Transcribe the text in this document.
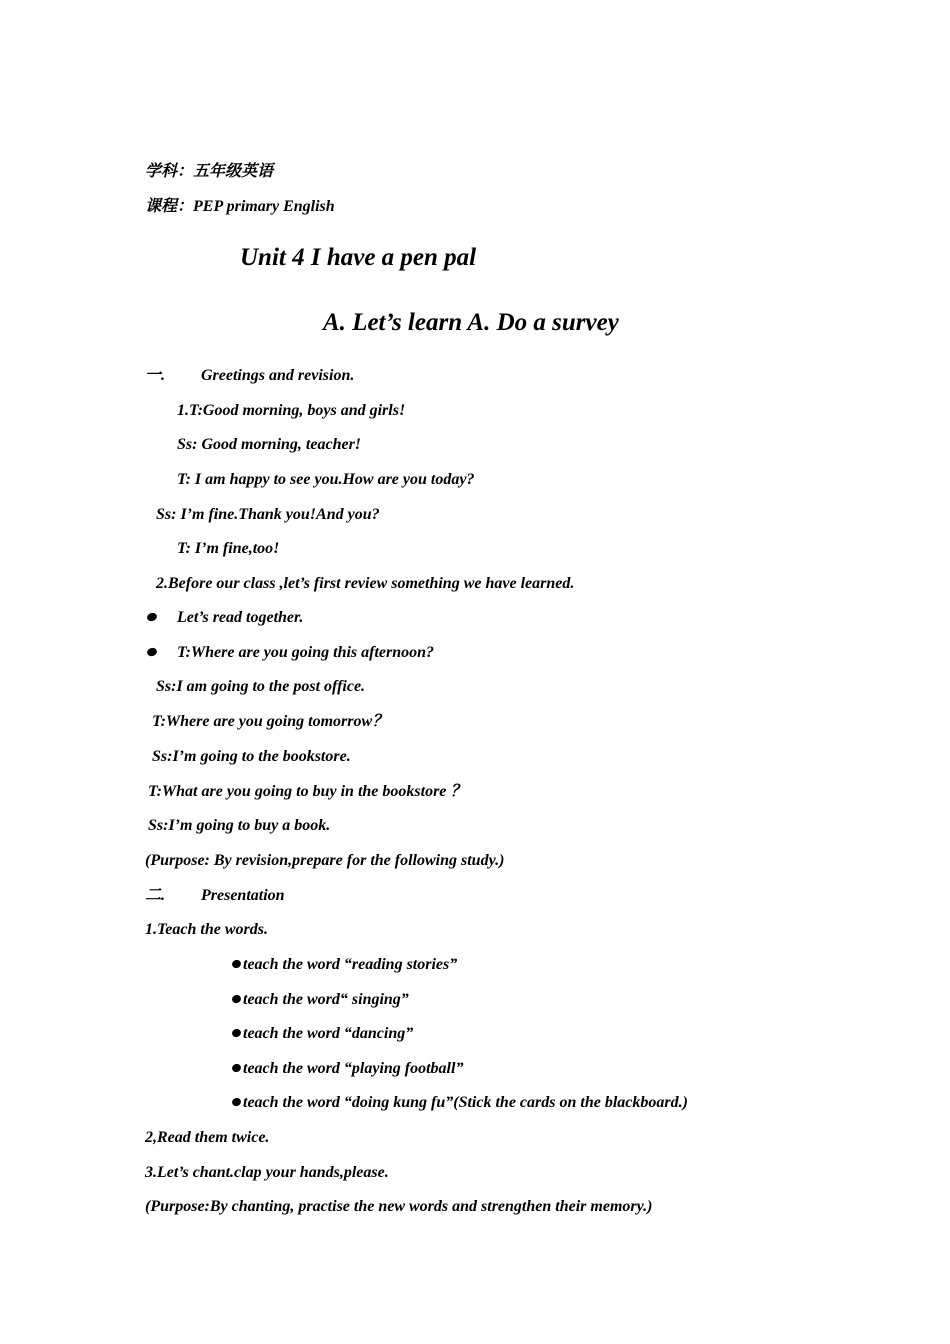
学科：五年级英语
课程：PEP primary English
Unit 4 I have a pen pal
A. Let’s learn A. Do a survey
一. Greetings and revision.
1.T:Good morning, boys and girls!
Ss: Good morning, teacher!
T: I am happy to see you.How are you today?
Ss: I’m fine.Thank you!And you?
T: I’m fine,too!
2.Before our class ,let’s first review something we have learned.
Let’s read together.
T:Where are you going this afternoon?
Ss:I am going to the post office.
T:Where are you going tomorrow？
Ss:I’m going to the bookstore.
T:What are you going to buy in the bookstore ？
Ss:I’m going to buy a book.
(Purpose: By revision,prepare for the following study.)
二. Presentation
1.Teach the words.
teach the word “reading stories”
teach the word“ singing”
teach the word “dancing”
teach the word “playing football”
teach the word “doing kung fu”(Stick the cards on the blackboard.)
2,Read them twice.
3.Let’s chant.clap your hands,please.
(Purpose:By chanting, practise the new words and strengthen their memory.)
